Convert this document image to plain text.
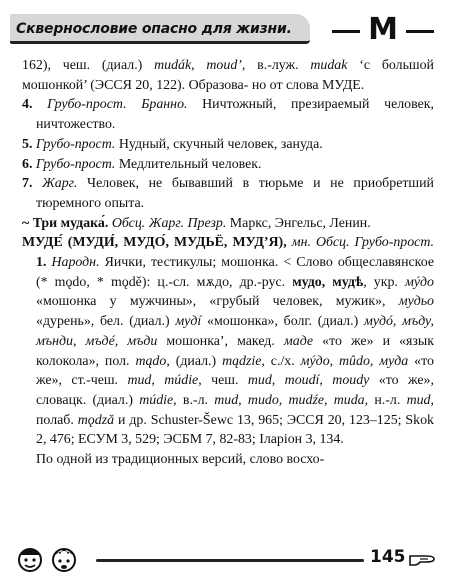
Сквернословие опасно для жизни.	M

162), чеш. (диал.) mudák, moud’, в.-луж. mudak ‘с большой мошонкой’ (ЭССЯ 20, 122). Образова- но от слова МУДЕ.

4. Грубо-прост. Бранно. Ничтожный, презираемый человек, ничтожество.

5. Грубо-прост. Нудный, скучный человек, зануда.

6. Грубо-прост. Медлительный человек.

7. Жарг. Человек, не бывавший в тюрьме и не приобретший тюремного опыта.

~ Три мудака́. Обсц. Жарг. Презр. Маркс, Энгельс, Ленин.

МУДЕ́ (МУДИ́, МУДО́, МУДЬЁ, МУД’Я), мн. Обсц. Грубо-прост. 1. Народн. Яички, тестикулы; мошонка. < Слово общеславянское (* mǫdo, * mǫdě): ц.-сл. мѫдо, др.-рус. мудо, мудѣ, укр. мýдо «мошонка у мужчины», «грубый человек, мужик», мудьо «дурень», бел. (диал.) мудí «мошонка», болг. (диал.) мудó, мъду, мъндu, мъдé, мъдu мошонка’, макед. маде «то же» и «язык колокола», пол. mądo, (диал.) mądzie, с./х. мýдо, mûdo, муда «то же», ст.-чеш. mud, múdie, чеш. mud, moudí, moudy «то же», словацк. (диал.) múdie, в.-л. mud, mudo, mudźe, muda, н.-л. mud, полаб. mǫdză и др. Schuster-Šewc 13, 965; ЭССЯ 20, 123–125; Skok 2, 476; ЕСУМ 3, 529; ЭСБМ 7, 82-83; Іларіон 3, 134.

По одной из традиционных версий, слово восхо-

145
